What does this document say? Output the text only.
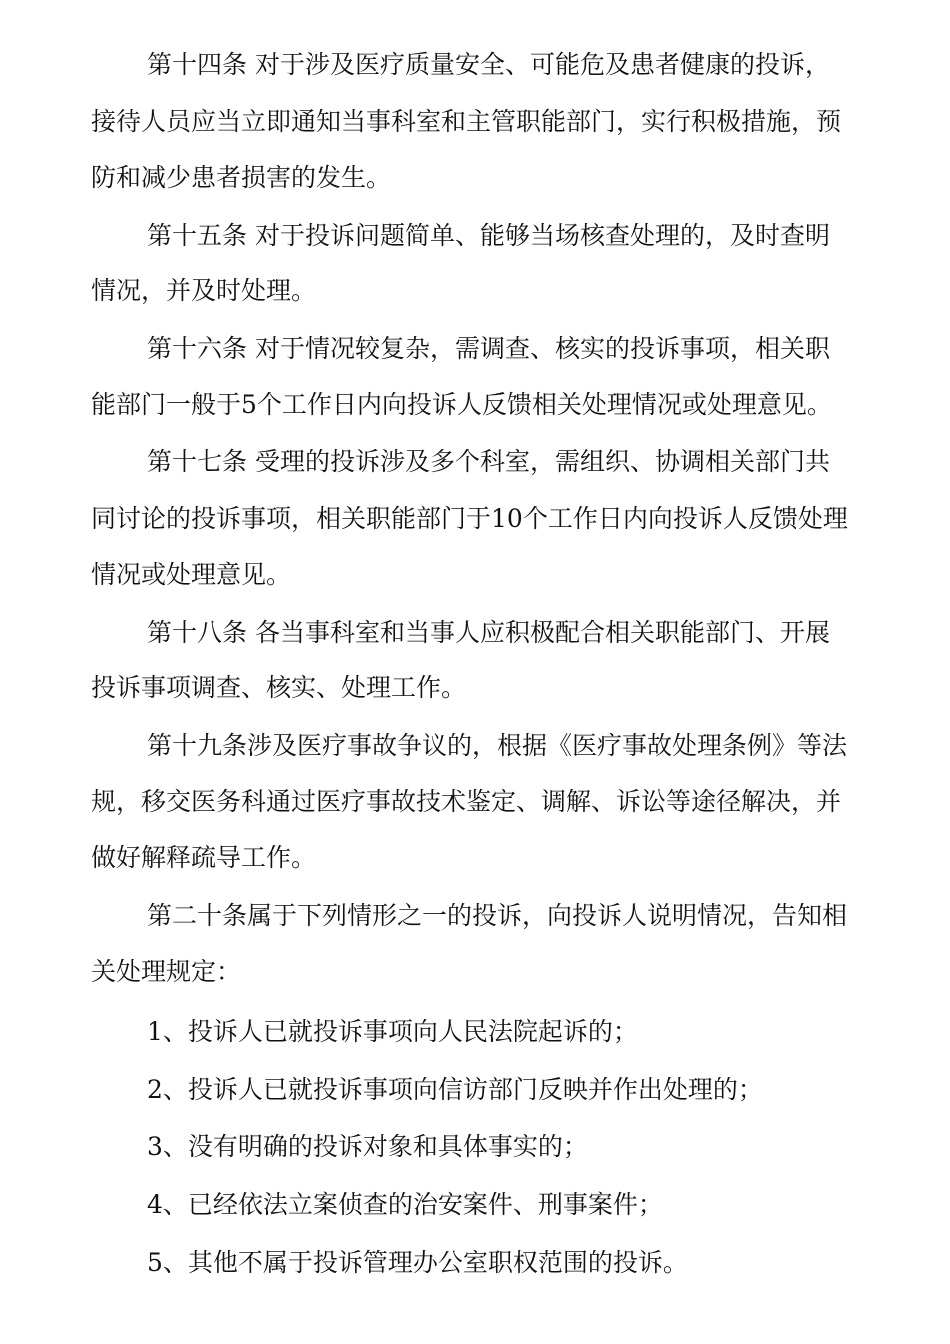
第十四条 对于涉及医疗质量安全、可能危及患者健康的投诉，
接待人员应当立即通知当事科室和主管职能部门，实行积极措施，预
防和减少患者损害的发生。
第十五条 对于投诉问题简单、能够当场核查处理的，及时查明
情况，并及时处理。
第十六条 对于情况较复杂，需调查、核实的投诉事项，相关职
能部门一般于5个工作日内向投诉人反馈相关处理情况或处理意见。
第十七条 受理的投诉涉及多个科室，需组织、协调相关部门共
同讨论的投诉事项，相关职能部门于10个工作日内向投诉人反馈处理
情况或处理意见。
第十八条 各当事科室和当事人应积极配合相关职能部门、开展
投诉事项调查、核实、处理工作。
第十九条涉及医疗事故争议的，根据《医疗事故处理条例》等法
规，移交医务科通过医疗事故技术鉴定、调解、诉讼等途径解决，并
做好解释疏导工作。
第二十条属于下列情形之一的投诉，向投诉人说明情况，告知相
关处理规定：
1、投诉人已就投诉事项向人民法院起诉的；
2、投诉人已就投诉事项向信访部门反映并作出处理的；
3、没有明确的投诉对象和具体事实的；
4、已经依法立案侦查的治安案件、刑事案件；
5、其他不属于投诉管理办公室职权范围的投诉。
